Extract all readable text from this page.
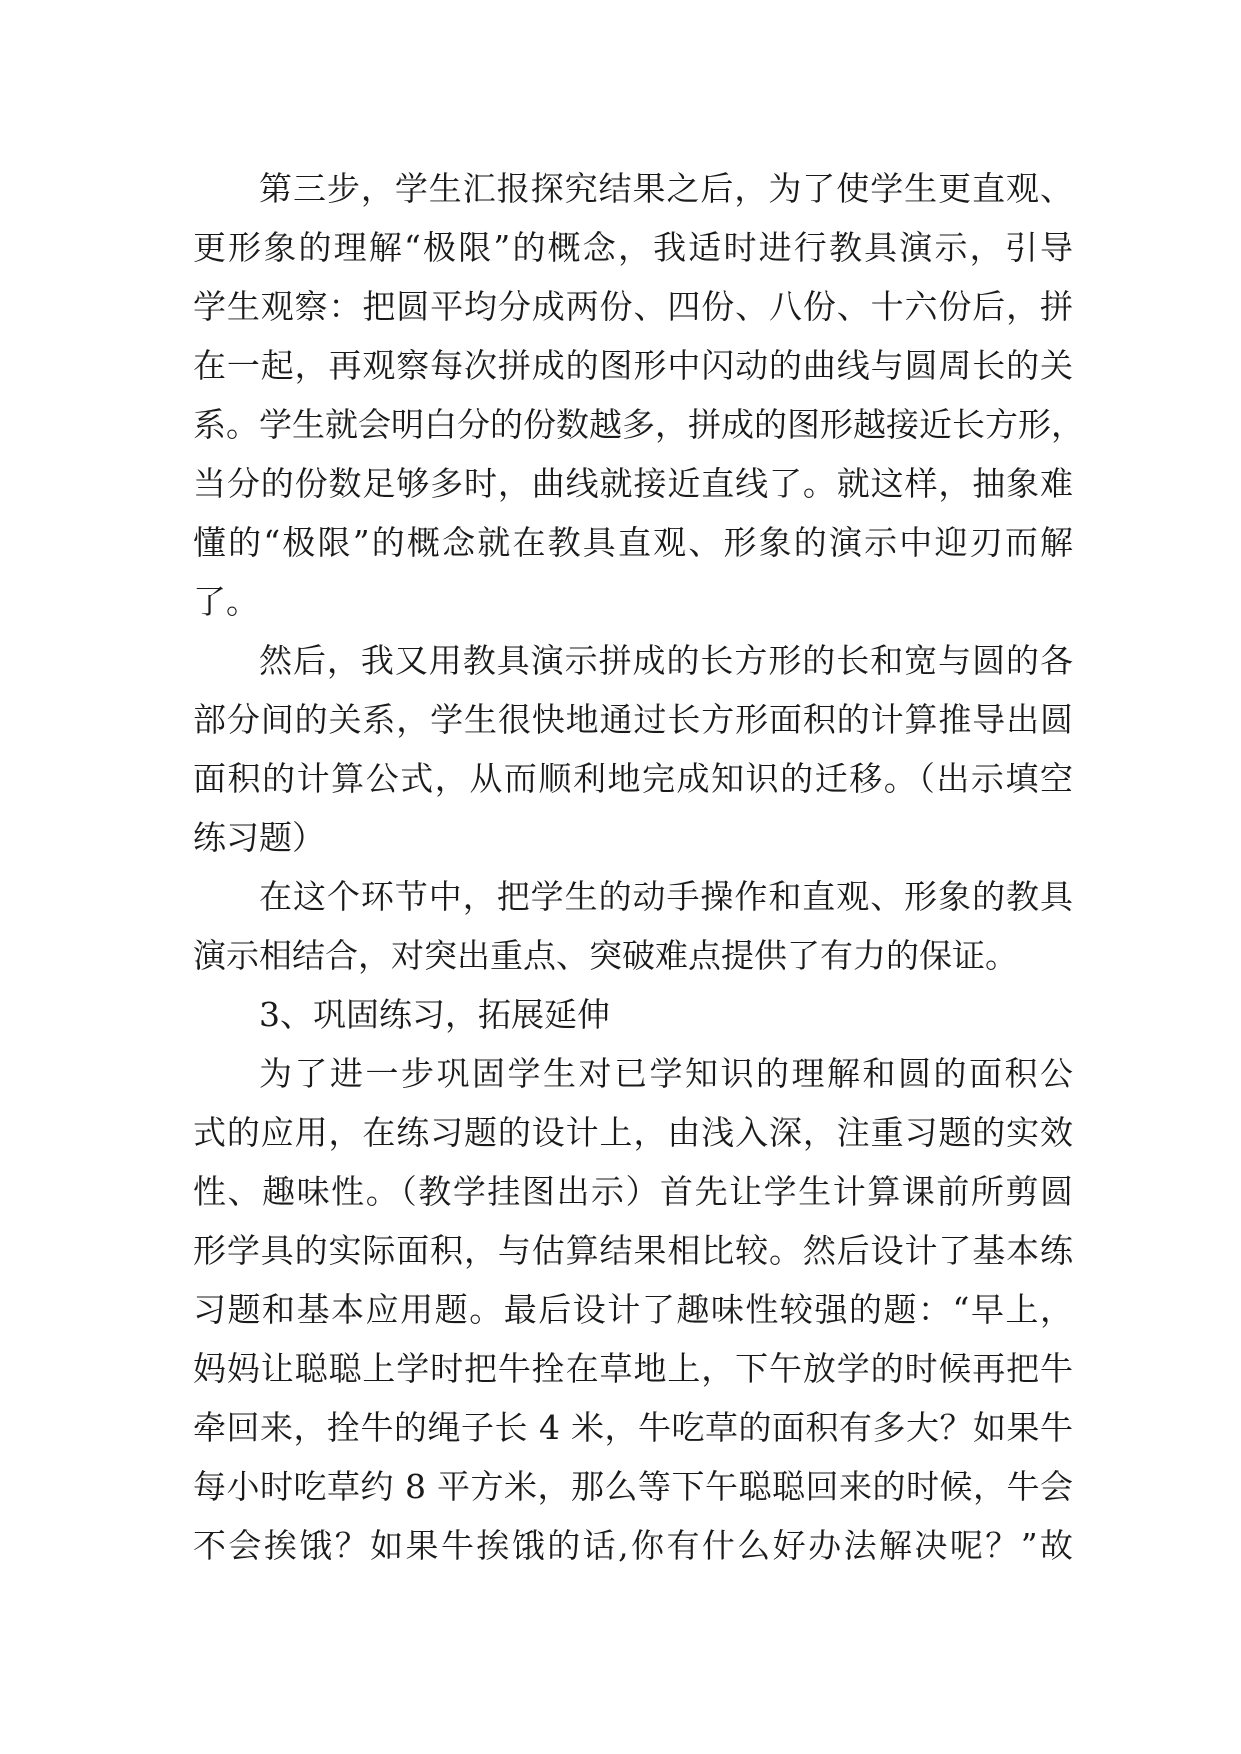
第三步，学生汇报探究结果之后，为了使学生更直观、
更形象的理解“极限”的概念，我适时进行教具演示，引导
学生观察：把圆平均分成两份、四份、八份、十六份后，拼
在一起，再观察每次拼成的图形中闪动的曲线与圆周长的关
系。学生就会明白分的份数越多，拼成的图形越接近长方形，
当分的份数足够多时，曲线就接近直线了。就这样，抽象难
懂的“极限”的概念就在教具直观、形象的演示中迎刃而解
了。
然后，我又用教具演示拼成的长方形的长和宽与圆的各
部分间的关系，学生很快地通过长方形面积的计算推导出圆
面积的计算公式，从而顺利地完成知识的迁移。（出示填空
练习题）
在这个环节中，把学生的动手操作和直观、形象的教具
演示相结合，对突出重点、突破难点提供了有力的保证。
3、巩固练习，拓展延伸
为了进一步巩固学生对已学知识的理解和圆的面积公
式的应用，在练习题的设计上，由浅入深，注重习题的实效
性、趣味性。（教学挂图出示）首先让学生计算课前所剪圆
形学具的实际面积，与估算结果相比较。然后设计了基本练
习题和基本应用题。最后设计了趣味性较强的题：“早上，
妈妈让聪聪上学时把牛拴在草地上，下午放学的时候再把牛
牵回来，拴牛的绳子长 4 米，牛吃草的面积有多大？如果牛
每小时吃草约 8 平方米，那么等下午聪聪回来的时候，牛会
不会挨饿？如果牛挨饿的话,你有什么好办法解决呢？”故
